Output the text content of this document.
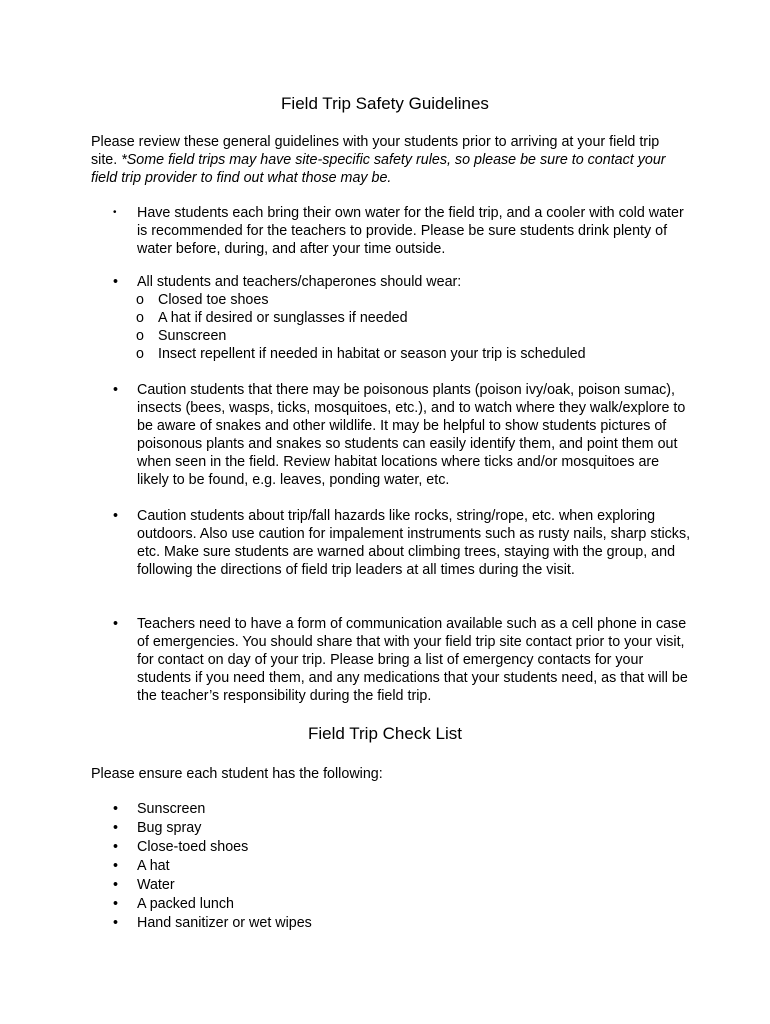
Field Trip Safety Guidelines

Please review these general guidelines with your students prior to arriving at your field trip site. *Some field trips may have site-specific safety rules, so please be sure to contact your field trip provider to find out what those may be.

•	Have students each bring their own water for the field trip, and a cooler with cold water is recommended for the teachers to provide. Please be sure students drink plenty of water before, during, and after your time outside.
•	All students and teachers/chaperones should wear:
o Closed toe shoes
o A hat if desired or sunglasses if needed
o Sunscreen
o Insect repellent if needed in habitat or season your trip is scheduled
•	Caution students that there may be poisonous plants (poison ivy/oak, poison sumac), insects (bees, wasps, ticks, mosquitoes, etc.), and to watch where they walk/explore to be aware of snakes and other wildlife. It may be helpful to show students pictures of poisonous plants and snakes so students can easily identify them, and point them out when seen in the field. Review habitat locations where ticks and/or mosquitoes are likely to be found, e.g. leaves, ponding water, etc.
•	Caution students about trip/fall hazards like rocks, string/rope, etc. when exploring outdoors. Also use caution for impalement instruments such as rusty nails, sharp sticks, etc. Make sure students are warned about climbing trees, staying with the group, and following the directions of field trip leaders at all times during the visit.
•	Teachers need to have a form of communication available such as a cell phone in case of emergencies. You should share that with your field trip site contact prior to your visit, for contact on day of your trip. Please bring a list of emergency contacts for your students if you need them, and any medications that your students need, as that will be the teacher’s responsibility during the field trip.
Field Trip Check List

Please ensure each student has the following:

• Sunscreen
• Bug spray
• Close-toed shoes
• A hat
• Water
• A packed lunch
• Hand sanitizer or wet wipes
